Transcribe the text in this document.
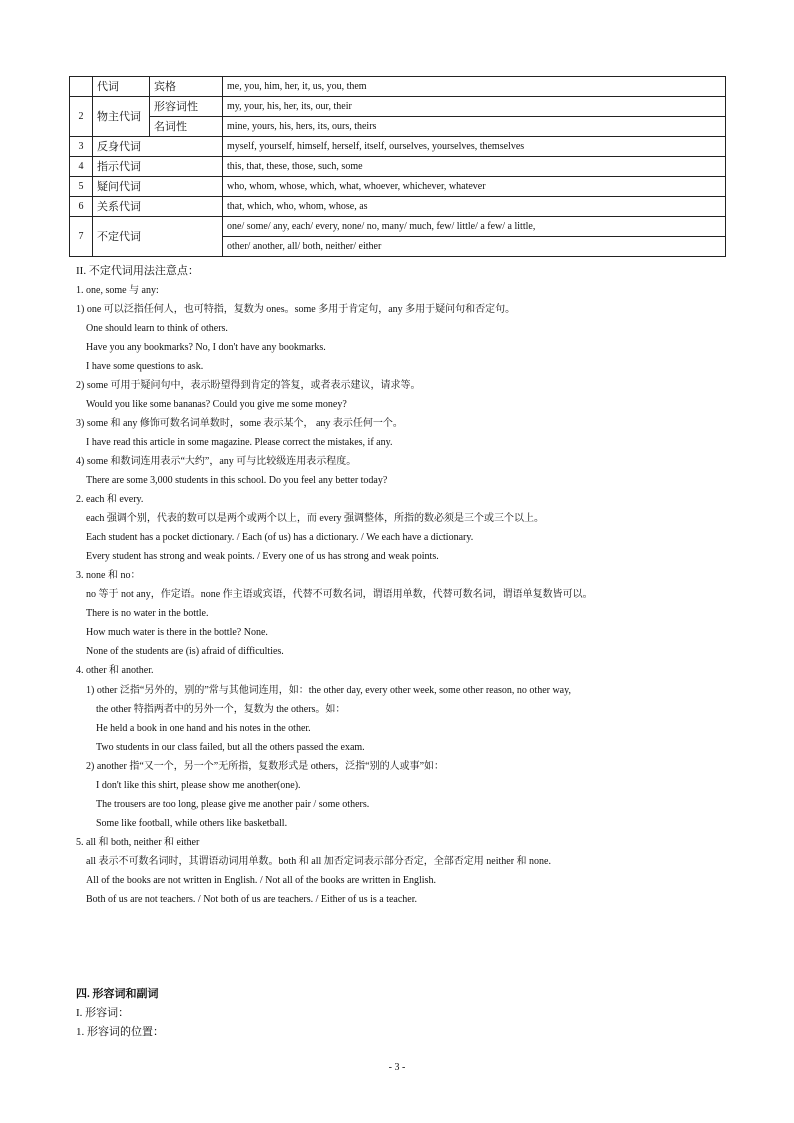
	代词	宾格	me, you, him, her, it, us, you, them
2	物主代词	形容词性	my, your, his, her, its, our, their
		名词性	mine, yours, his, hers, its, ours, theirs
3	反身代词		myself, yourself, himself, herself, itself, ourselves, yourselves, themselves
4	指示代词		this, that, these, those, such, some
5	疑问代词		who, whom, whose, which, what, whoever, whichever, whatever
6	关系代词		that, which, who, whom, whose, as
7	不定代词		one/ some/ any, each/ every, none/ no, many/ much, few/ little/ a few/ a little,
			other/ another, all/ both, neither/ either
II. 不定代词用法注意点：
1. one, some 与 any:
1) one 可以泛指任何人，也可特指，复数为 ones。some 多用于肯定句，any 多用于疑问句和否定句。
One should learn to think of others.
Have you any bookmarks? No, I don't have any bookmarks.
I have some questions to ask.
2) some 可用于疑问句中，表示盼望得到肯定的答复，或者表示建议，请求等。
Would you like some bananas? Could you give me some money?
3) some 和 any 修饰可数名词单数时，some 表示某个， any 表示任何一个。
I have read this article in some magazine. Please correct the mistakes, if any.
4) some 和数词连用表示“大约”，any 可与比较级连用表示程度。
There are some 3,000 students in this school. Do you feel any better today?
2. each 和 every.
each 强调个别，代表的数可以是两个或两个以上，而 every 强调整体，所指的数必须是三个或三个以上。
Each student has a pocket dictionary. / Each (of us) has a dictionary. / We each have a dictionary.
Every student has strong and weak points. / Every one of us has strong and weak points.
3. none 和 no：
no 等于 not any，作定语。none 作主语或宾语，代替不可数名词，谓语用单数，代替可数名词，谓语单复数皆可以。
There is no water in the bottle.
How much water is there in the bottle? None.
None of the students are (is) afraid of difficulties.
4. other 和 another.
1) other 泛指“另外的，别的”常与其他词连用，如：the other day, every other week, some other reason, no other way,
the other 特指两者中的另外一个，复数为 the others。如：
He held a book in one hand and his notes in the other.
Two students in our class failed, but all the others passed the exam.
2) another 指“又一个，另一个”无所指，复数形式是 others，泛指“别的人或事”如：
I don't like this shirt, please show me another(one).
The trousers are too long, please give me another pair / some others.
Some like football, while others like basketball.
5. all 和 both, neither 和 either
all 表示不可数名词时，其谓语动词用单数。both 和 all 加否定词表示部分否定，全部否定用 neither 和 none.
All of the books are not written in English. / Not all of the books are written in English.
Both of us are not teachers. / Not both of us are teachers. / Either of us is a teacher.
四. 形容词和副词
I. 形容词：
1. 形容词的位置：
- 3 -
